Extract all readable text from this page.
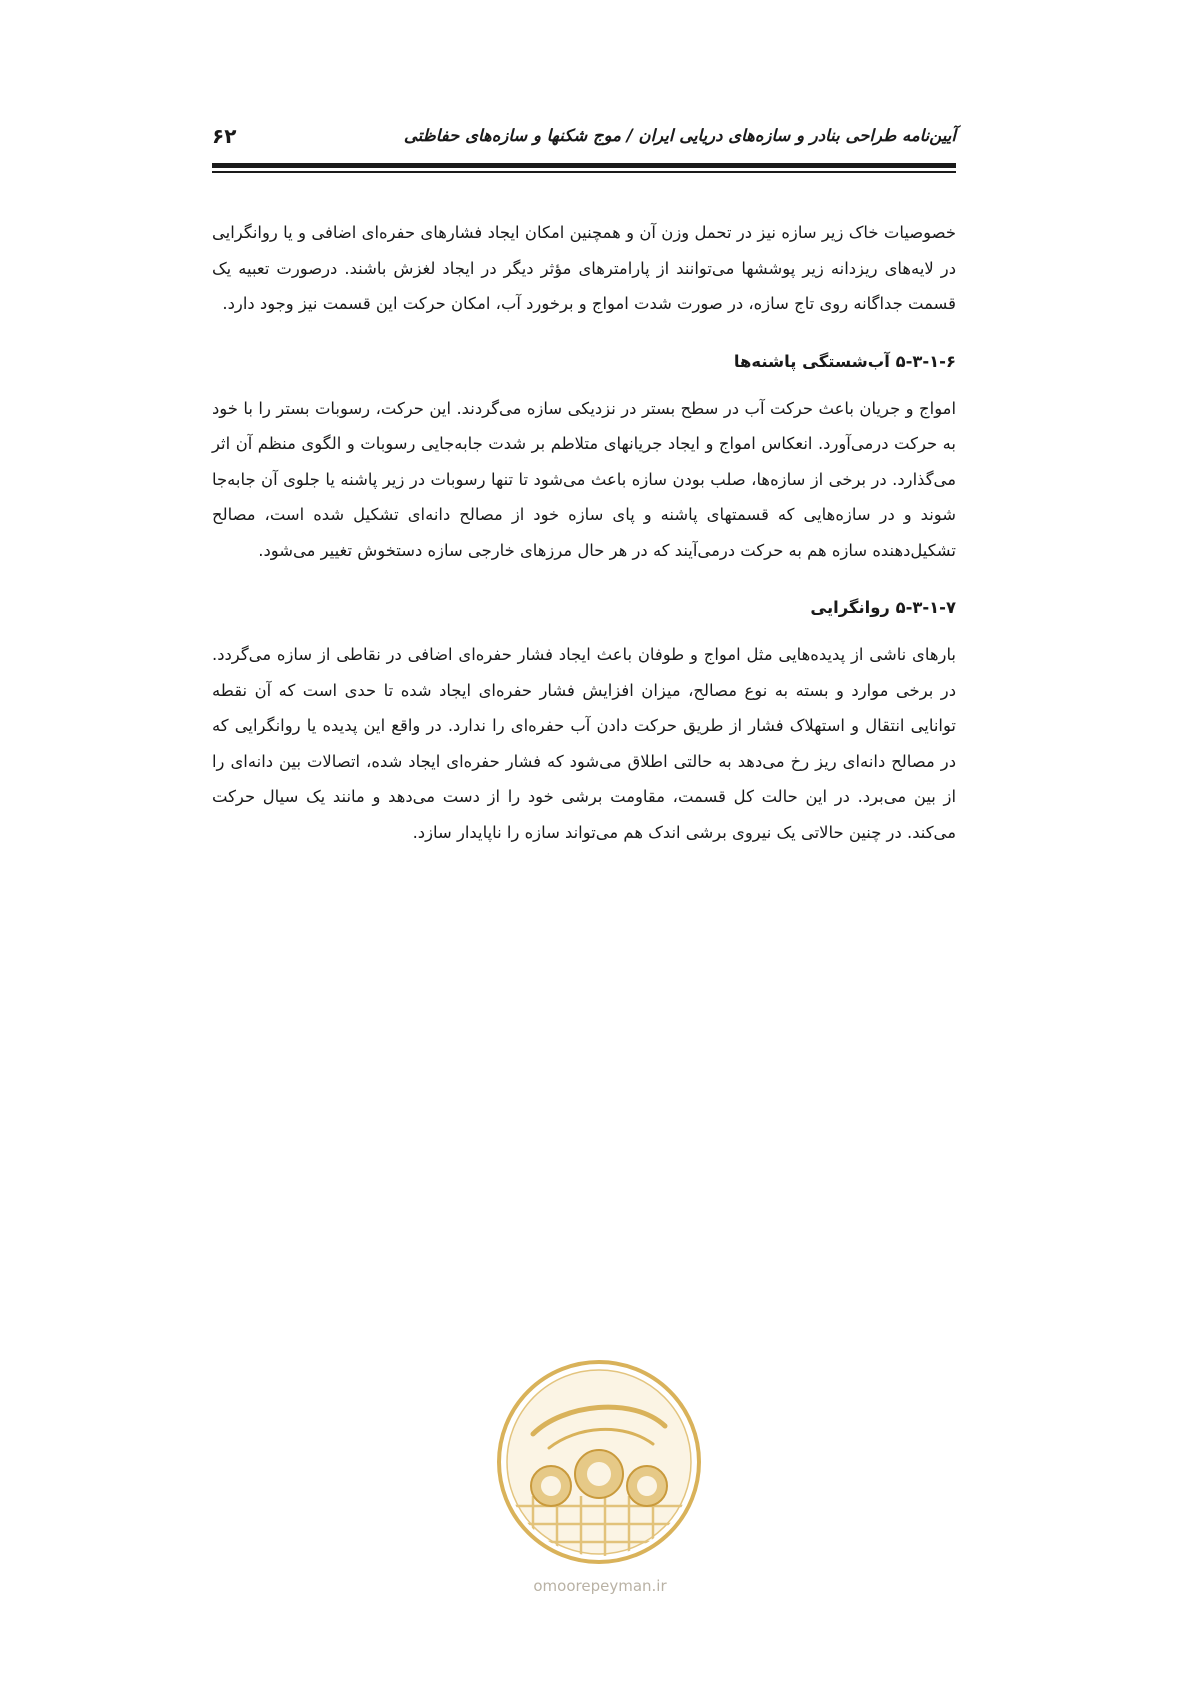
آیین‌نامه طراحی بنادر و سازه‌های دریایی ایران / موج شکنها و سازه‌های حفاظتی
۶۲

خصوصیات خاک زیر سازه نیز در تحمل وزن آن و همچنین امکان ایجاد فشارهای حفره‌ای اضافی و یا روانگرایی در لایه‌های ریزدانه زیر پوششها می‌توانند از پارامترهای مؤثر دیگر در ایجاد لغزش باشند. درصورت تعبیه یک قسمت جداگانه روی تاج سازه، در صورت شدت امواج و برخورد آب، امکان حرکت این قسمت نیز وجود دارد.

۵-۳-۱-۶ آب‌شستگی پاشنه‌ها

امواج و جریان باعث حرکت آب در سطح بستر در نزدیکی سازه می‌گردند. این حرکت، رسوبات بستر را با خود به حرکت درمی‌آورد. انعکاس امواج و ایجاد جریانهای متلاطم بر شدت جابه‌جایی رسوبات و الگوی منظم آن اثر می‌گذارد. در برخی از سازه‌ها، صلب بودن سازه باعث می‌شود تا تنها رسوبات در زیر پاشنه یا جلوی آن جابه‌جا شوند و در سازه‌هایی که قسمتهای پاشنه و پای سازه خود از مصالح دانه‌ای تشکیل شده است، مصالح تشکیل‌دهنده سازه هم به حرکت درمی‌آیند که در هر حال مرزهای خارجی سازه دستخوش تغییر می‌شود.

۵-۳-۱-۷ روانگرایی

بارهای ناشی از پدیده‌هایی مثل امواج و طوفان باعث ایجاد فشار حفره‌ای اضافی در نقاطی از سازه می‌گردد. در برخی موارد و بسته به نوع مصالح، میزان افزایش فشار حفره‌ای ایجاد شده تا حدی است که آن نقطه توانایی انتقال و استهلاک فشار از طریق حرکت دادن آب حفره‌ای را ندارد. در واقع این پدیده یا روانگرایی که در مصالح دانه‌ای ریز رخ می‌دهد به حالتی اطلاق می‌شود که فشار حفره‌ای ایجاد شده، اتصالات بین دانه‌ای را از بین می‌برد. در این حالت کل قسمت، مقاومت برشی خود را از دست می‌دهد و مانند یک سیال حرکت می‌کند. در چنین حالاتی یک نیروی برشی اندک هم می‌تواند سازه را ناپایدار سازد.

omoorepeyman.ir
